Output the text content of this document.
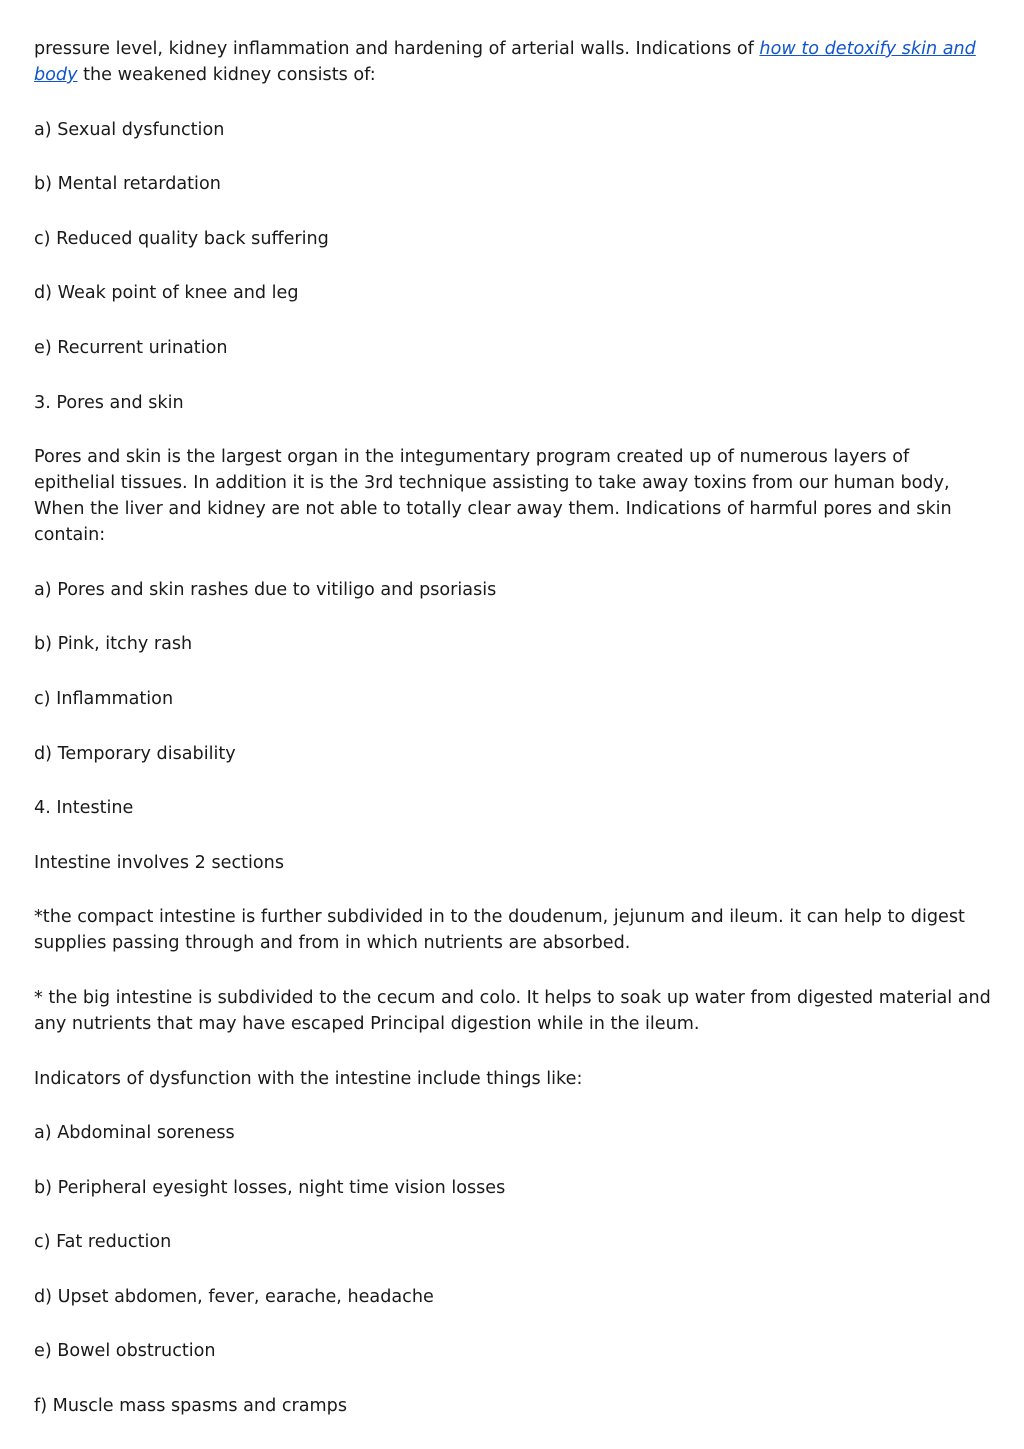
pressure level, kidney inflammation and hardening of arterial walls. Indications of how to detoxify skin and body the weakened kidney consists of:

a) Sexual dysfunction

b) Mental retardation

c) Reduced quality back suffering

d) Weak point of knee and leg

e) Recurrent urination

3. Pores and skin

Pores and skin is the largest organ in the integumentary program created up of numerous layers of epithelial tissues. In addition it is the 3rd technique assisting to take away toxins from our human body, When the liver and kidney are not able to totally clear away them. Indications of harmful pores and skin contain:

a) Pores and skin rashes due to vitiligo and psoriasis

b) Pink, itchy rash

c) Inflammation

d) Temporary disability

4. Intestine

Intestine involves 2 sections

*the compact intestine is further subdivided in to the doudenum, jejunum and ileum. it can help to digest supplies passing through and from in which nutrients are absorbed.

* the big intestine is subdivided to the cecum and colo. It helps to soak up water from digested material and any nutrients that may have escaped Principal digestion while in the ileum.

Indicators of dysfunction with the intestine include things like:

a) Abdominal soreness

b) Peripheral eyesight losses, night time vision losses

c) Fat reduction

d) Upset abdomen, fever, earache, headache

e) Bowel obstruction

f) Muscle mass spasms and cramps
